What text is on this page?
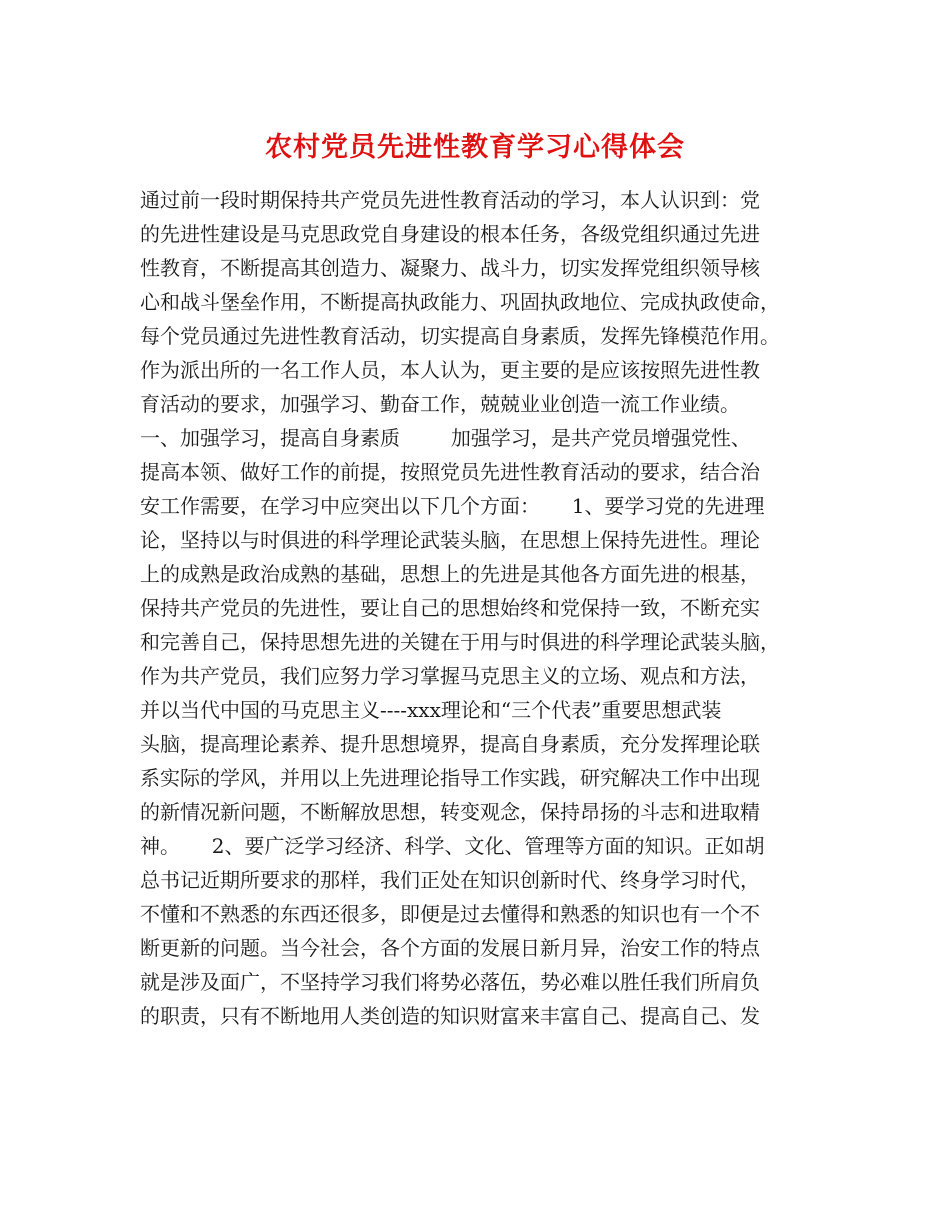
农村党员先进性教育学习心得体会
通过前一段时期保持共产党员先进性教育活动的学习，本人认识到：党
的先进性建设是马克思政党自身建设的根本任务，各级党组织通过先进
性教育，不断提高其创造力、凝聚力、战斗力，切实发挥党组织领导核
心和战斗堡垒作用，不断提高执政能力、巩固执政地位、完成执政使命，
每个党员通过先进性教育活动，切实提高自身素质，发挥先锋模范作用。
作为派出所的一名工作人员，本人认为，更主要的是应该按照先进性教
育活动的要求，加强学习、勤奋工作，兢兢业业创造一流工作业绩。
一、加强学习，提高自身素质        加强学习，是共产党员增强党性、
提高本领、做好工作的前提，按照党员先进性教育活动的要求，结合治
安工作需要，在学习中应突出以下几个方面：     1、要学习党的先进理
论，坚持以与时俱进的科学理论武装头脑，在思想上保持先进性。理论
上的成熟是政治成熟的基础，思想上的先进是其他各方面先进的根基，
保持共产党员的先进性，要让自己的思想始终和党保持一致，不断充实
和完善自己，保持思想先进的关键在于用与时俱进的科学理论武装头脑，
作为共产党员，我们应努力学习掌握马克思主义的立场、观点和方法，
并以当代中国的马克思主义----xxx理论和“三个代表”重要思想武装
头脑，提高理论素养、提升思想境界，提高自身素质，充分发挥理论联
系实际的学风，并用以上先进理论指导工作实践，研究解决工作中出现
的新情况新问题，不断解放思想，转变观念，保持昂扬的斗志和进取精
神。     2、要广泛学习经济、科学、文化、管理等方面的知识。正如胡
总书记近期所要求的那样，我们正处在知识创新时代、终身学习时代，
不懂和不熟悉的东西还很多，即便是过去懂得和熟悉的知识也有一个不
断更新的问题。当今社会，各个方面的发展日新月异，治安工作的特点
就是涉及面广，不坚持学习我们将势必落伍，势必难以胜任我们所肩负
的职责，只有不断地用人类创造的知识财富来丰富自己、提高自己、发
